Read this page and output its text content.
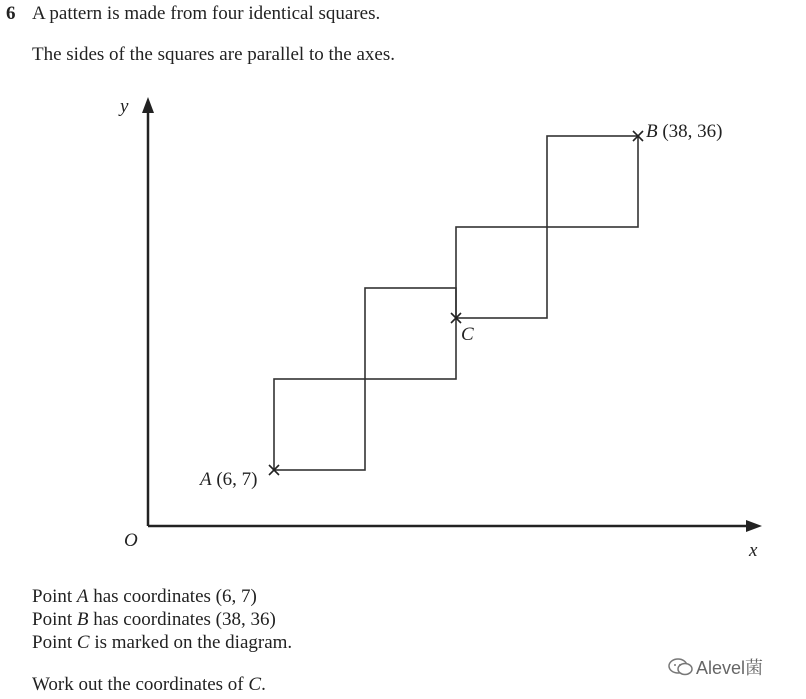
6 A pattern is made from four identical squares.
The sides of the squares are parallel to the axes.
y
x
O
A (6, 7)
B (38, 36)
C
Point A has coordinates (6, 7)
Point B has coordinates (38, 36)
Point C is marked on the diagram.
Work out the coordinates of C.
Alevel菌
